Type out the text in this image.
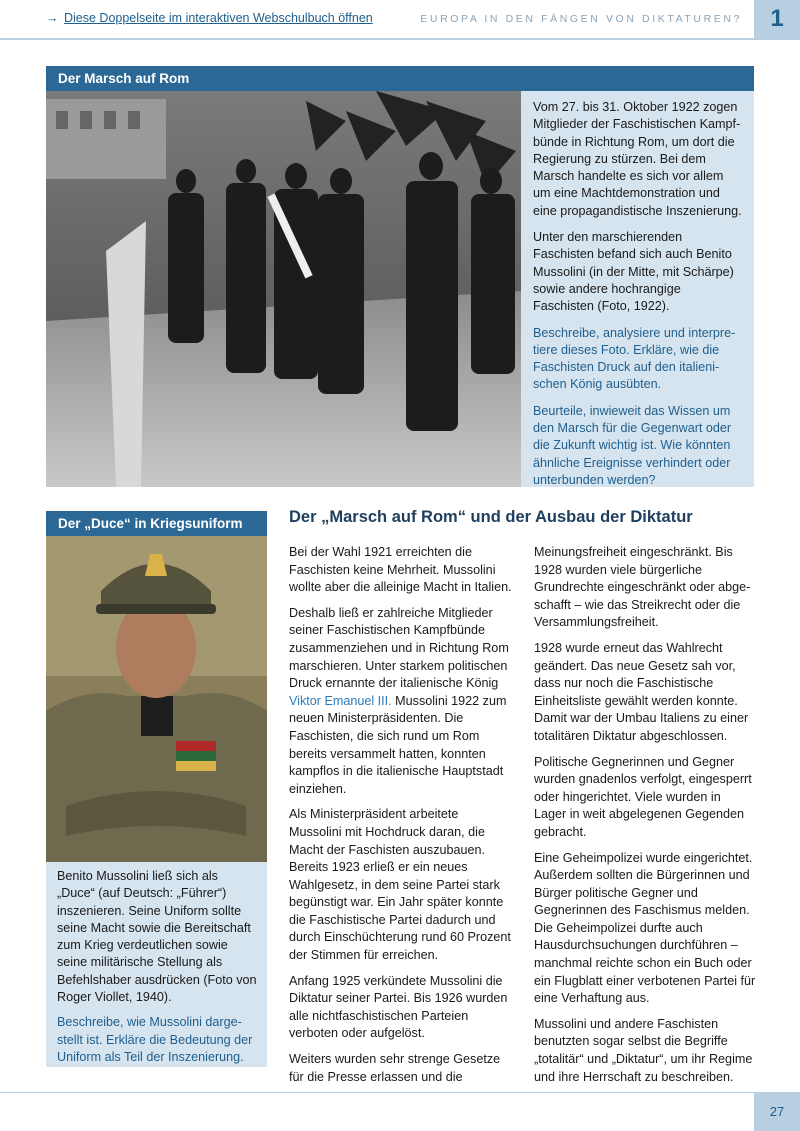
→ Diese Doppelseite im interaktiven Webschulbuch öffnen	EUROPA IN DEN FÄNGEN VON DIKTATUREN?	1
Der Marsch auf Rom

Vom 27. bis 31. Oktober 1922 zogen Mitglieder der Faschistischen Kampfbünde in Richtung Rom, um dort die Regierung zu stürzen. Bei dem Marsch handelte es sich vor allem um eine Machtdemonstration und eine propagandistische Inszenierung.

Unter den marschierenden Faschisten befand sich auch Benito Mussolini (in der Mitte, mit Schärpe) sowie andere hochrangige Faschisten (Foto, 1922).

Beschreibe, analysiere und interpretiere dieses Foto. Erkläre, wie die Faschisten Druck auf den italienischen König ausübten.

Beurteile, inwieweit das Wissen um den Marsch für die Gegenwart oder die Zukunft wichtig ist. Wie könnten ähnliche Ereignisse verhindert oder unterbunden werden?

Der „Duce“ in Kriegsuniform

Benito Mussolini ließ sich als „Duce“ (auf Deutsch: „Führer“) inszenieren. Seine Uniform sollte seine Macht sowie die Bereitschaft zum Krieg verdeutlichen sowie seine militärische Stellung als Befehlshaber ausdrücken (Foto von Roger Viollet, 1940).

Beschreibe, wie Mussolini dargestellt ist. Erkläre die Bedeutung der Uniform als Teil der Inszenierung.

Der „Marsch auf Rom“ und der Ausbau der Diktatur

Bei der Wahl 1921 erreichten die Faschisten keine Mehrheit. Mussolini wollte aber die alleinige Macht in Italien.

Deshalb ließ er zahlreiche Mitglieder seiner Faschistischen Kampfbünde zusammenziehen und in Richtung Rom marschieren. Unter starkem politischen Druck ernannte der italienische König Viktor Emanuel III. Mussolini 1922 zum neuen Ministerpräsidenten. Die Faschisten, die sich rund um Rom bereits versammelt hatten, konnten kampflos in die italienische Hauptstadt einziehen.

Als Ministerpräsident arbeitete Mussolini mit Hochdruck daran, die Macht der Faschisten auszubauen. Bereits 1923 erließ er ein neues Wahlgesetz, in dem seine Partei stark begünstigt war. Ein Jahr später konnte die Faschistische Partei dadurch und durch Einschüchterung rund 60 Prozent der Stimmen für erreichen.

Anfang 1925 verkündete Mussolini die Diktatur seiner Partei. Bis 1926 wurden alle nichtfaschistischen Parteien verboten oder aufgelöst.

Weiters wurden sehr strenge Gesetze für die Presse erlassen und die

Meinungsfreiheit eingeschränkt. Bis 1928 wurden viele bürgerliche Grundrechte eingeschränkt oder abgeschafft – wie das Streikrecht oder die Versammlungsfreiheit.

1928 wurde erneut das Wahlrecht geändert. Das neue Gesetz sah vor, dass nur noch die Faschistische Einheitsliste gewählt werden konnte. Damit war der Umbau Italiens zu einer totalitären Diktatur abgeschlossen.

Politische Gegnerinnen und Gegner wurden gnadenlos verfolgt, eingesperrt oder hingerichtet. Viele wurden in Lager in weit abgelegenen Gegenden gebracht.

Eine Geheimpolizei wurde eingerichtet. Außerdem sollten die Bürgerinnen und Bürger politische Gegner und Gegnerinnen des Faschismus melden. Die Geheimpolizei durfte auch Hausdurchsuchungen durchführen – manchmal reichte schon ein Buch oder ein Flugblatt einer verbotenen Partei für eine Verhaftung aus.

Mussolini und andere Faschisten benutzten sogar selbst die Begriffe „totalitär“ und „Diktatur“, um ihr Regime und ihre Herrschaft zu beschreiben.

27
